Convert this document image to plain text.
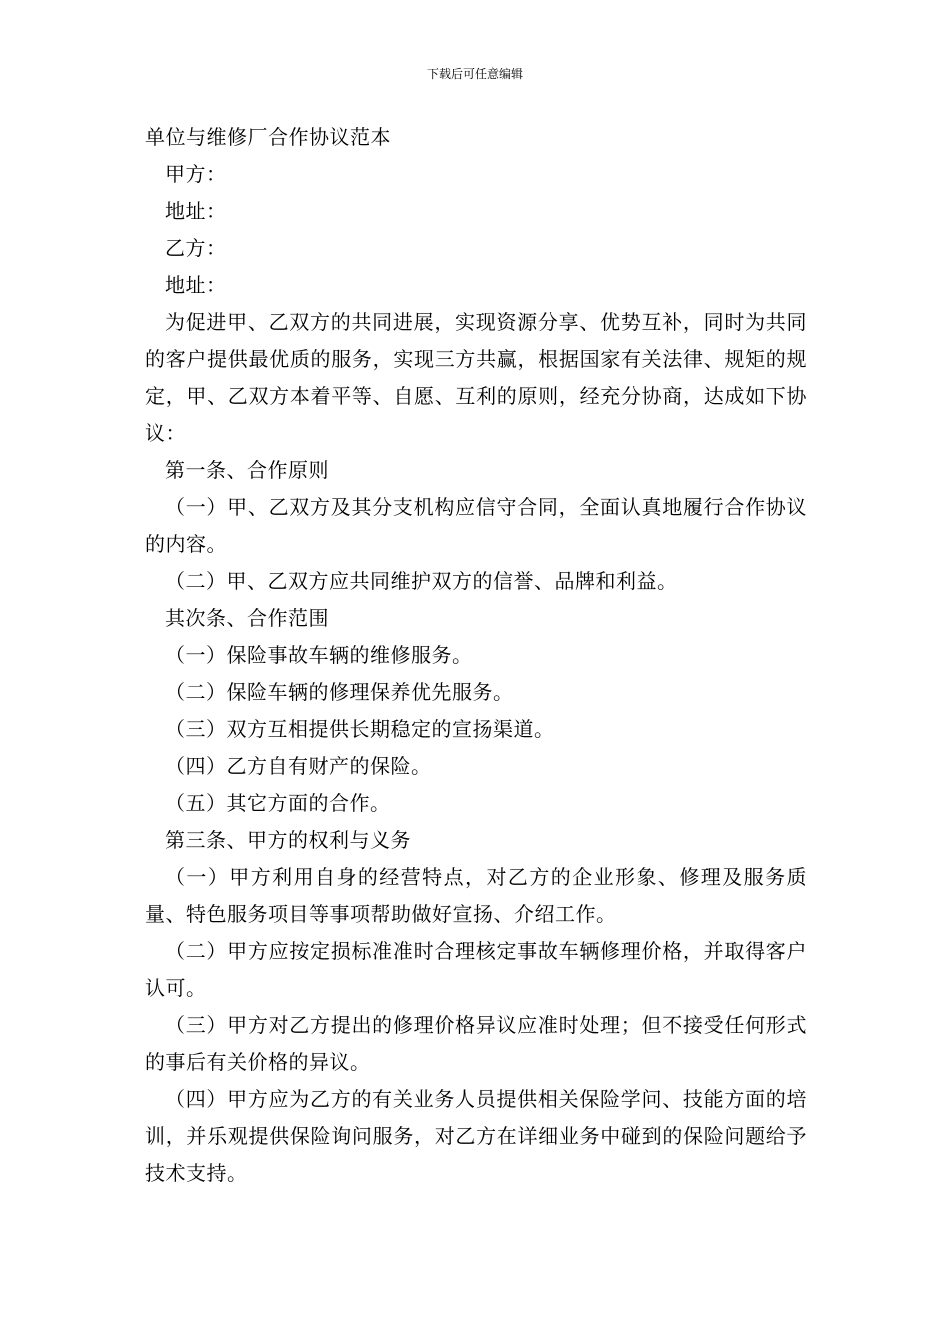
下载后可任意编辑

单位与维修厂合作协议范本

甲方：

地址：

乙方：

地址：

为促进甲、乙双方的共同进展，实现资源分享、优势互补，同时为共同的客户提供最优质的服务，实现三方共赢，根据国家有关法律、规矩的规定，甲、乙双方本着平等、自愿、互利的原则，经充分协商，达成如下协议：

第一条、合作原则

（一）甲、乙双方及其分支机构应信守合同，全面认真地履行合作协议的内容。

（二）甲、乙双方应共同维护双方的信誉、品牌和利益。

其次条、合作范围

（一）保险事故车辆的维修服务。

（二）保险车辆的修理保养优先服务。

（三）双方互相提供长期稳定的宣扬渠道。

（四）乙方自有财产的保险。

（五）其它方面的合作。

第三条、甲方的权利与义务

（一）甲方利用自身的经营特点，对乙方的企业形象、修理及服务质量、特色服务项目等事项帮助做好宣扬、介绍工作。

（二）甲方应按定损标准准时合理核定事故车辆修理价格，并取得客户认可。

（三）甲方对乙方提出的修理价格异议应准时处理；但不接受任何形式的事后有关价格的异议。

（四）甲方应为乙方的有关业务人员提供相关保险学问、技能方面的培训，并乐观提供保险询问服务，对乙方在详细业务中碰到的保险问题给予技术支持。
